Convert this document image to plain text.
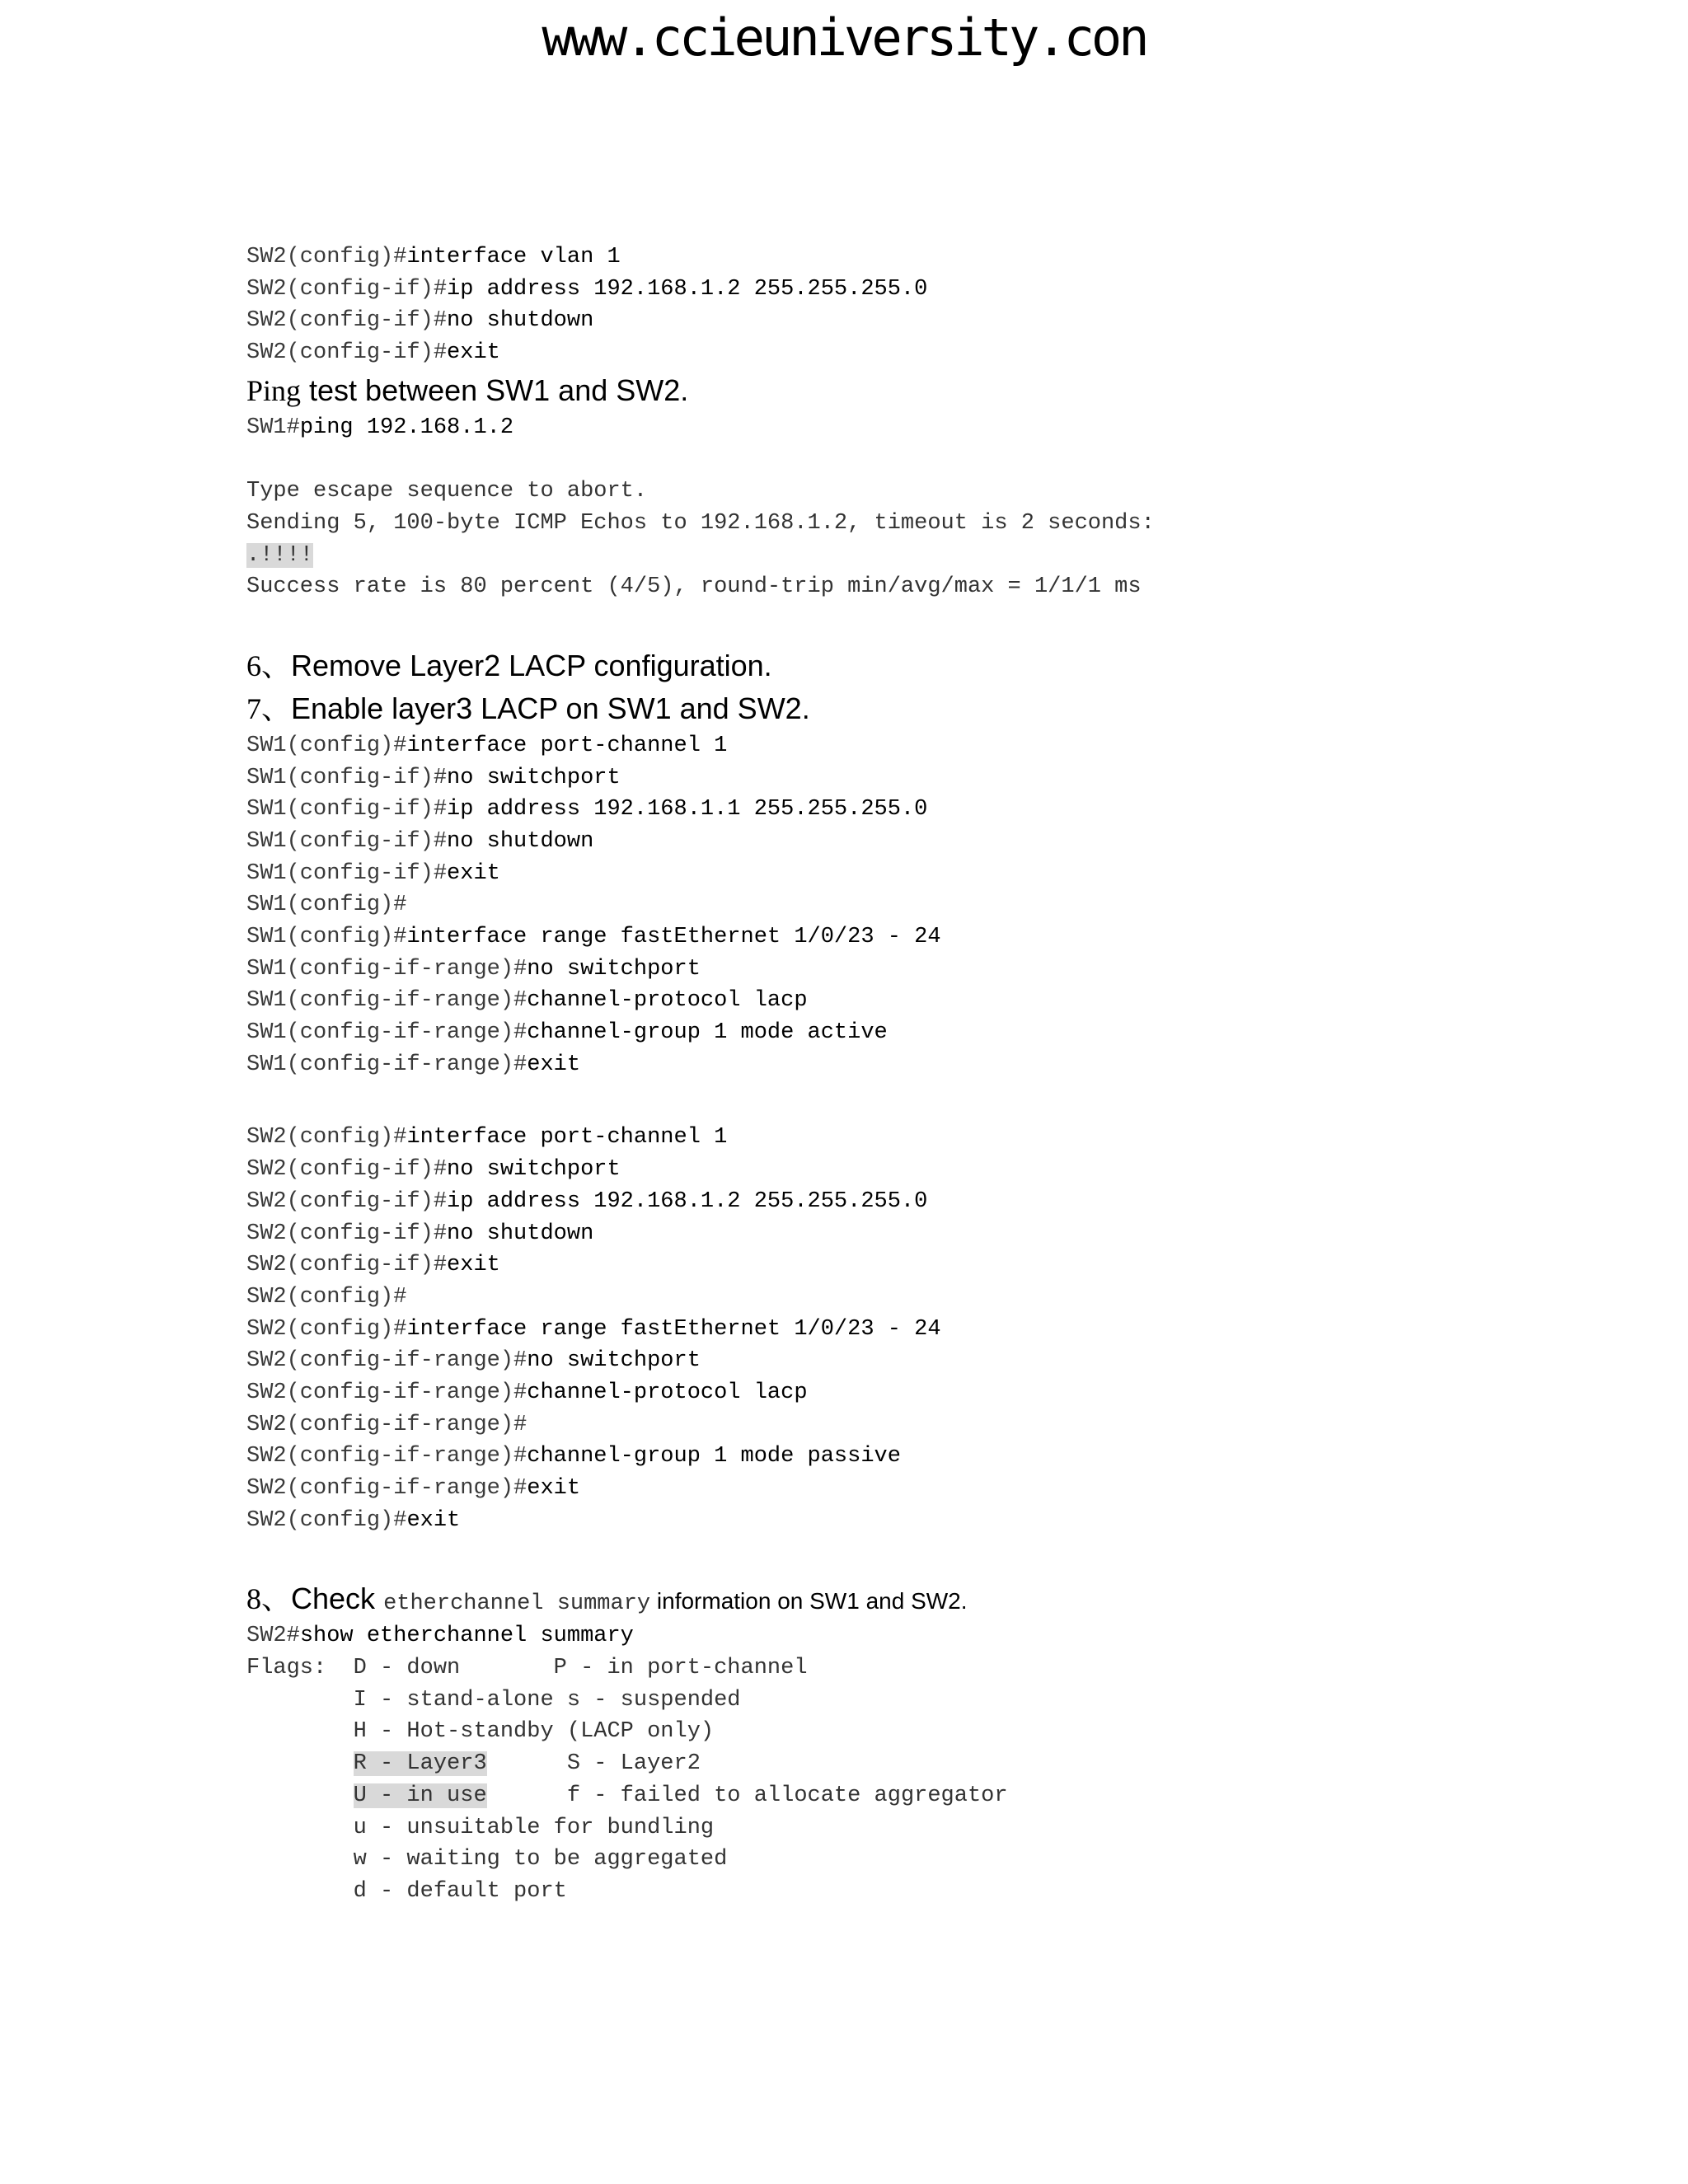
www.ccieuniversity.con
SW2(config)#interface vlan 1
SW2(config-if)#ip address 192.168.1.2 255.255.255.0
SW2(config-if)#no shutdown
SW2(config-if)#exit
Ping test between SW1 and SW2.
SW1#ping 192.168.1.2
Type escape sequence to abort.
Sending 5, 100-byte ICMP Echos to 192.168.1.2, timeout is 2 seconds:
.!!!!
Success rate is 80 percent (4/5), round-trip min/avg/max = 1/1/1 ms
6、Remove Layer2 LACP configuration.
7、Enable layer3 LACP on SW1 and SW2.
SW1(config)#interface port-channel 1
SW1(config-if)#no switchport
SW1(config-if)#ip address 192.168.1.1 255.255.255.0
SW1(config-if)#no shutdown
SW1(config-if)#exit
SW1(config)#
SW1(config)#interface range fastEthernet 1/0/23 - 24
SW1(config-if-range)#no switchport
SW1(config-if-range)#channel-protocol lacp
SW1(config-if-range)#channel-group 1 mode active
SW1(config-if-range)#exit
SW2(config)#interface port-channel 1
SW2(config-if)#no switchport
SW2(config-if)#ip address 192.168.1.2 255.255.255.0
SW2(config-if)#no shutdown
SW2(config-if)#exit
SW2(config)#
SW2(config)#interface range fastEthernet 1/0/23 - 24
SW2(config-if-range)#no switchport
SW2(config-if-range)#channel-protocol lacp
SW2(config-if-range)#
SW2(config-if-range)#channel-group 1 mode passive
SW2(config-if-range)#exit
SW2(config)#exit
8、Check etherchannel summary information on SW1 and SW2.
SW2#show etherchannel summary
Flags:  D - down       P - in port-channel
I - stand-alone s - suspended
H - Hot-standby (LACP only)
R - Layer3      S - Layer2
U - in use      f - failed to allocate aggregator
u - unsuitable for bundling
w - waiting to be aggregated
d - default port
